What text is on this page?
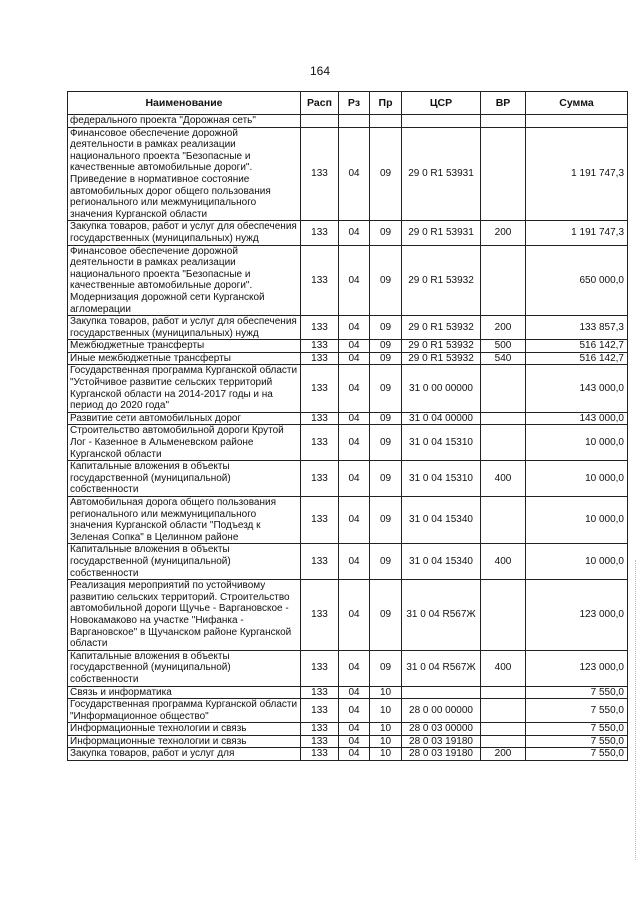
164
Наименование	Расп	Рз	Пр	ЦСР	ВР	Сумма
федерального проекта "Дорожная сеть"						
Финансовое обеспечение дорожной деятельности в рамках реализации национального проекта "Безопасные и качественные автомобильные дороги". Приведение в нормативное состояние автомобильных дорог общего пользования регионального или межмуниципального значения Курганской области	133	04	09	29 0 R1 53931		1 191 747,3
Закупка товаров, работ и услуг для обеспечения государственных (муниципальных) нужд	133	04	09	29 0 R1 53931	200	1 191 747,3
Финансовое обеспечение дорожной деятельности в рамках реализации национального проекта "Безопасные и качественные автомобильные дороги". Модернизация дорожной сети Курганской агломерации	133	04	09	29 0 R1 53932		650 000,0
Закупка товаров, работ и услуг для обеспечения государственных (муниципальных) нужд	133	04	09	29 0 R1 53932	200	133 857,3
Межбюджетные трансферты	133	04	09	29 0 R1 53932	500	516 142,7
Иные межбюджетные трансферты	133	04	09	29 0 R1 53932	540	516 142,7
Государственная программа Курганской области "Устойчивое развитие сельских территорий Курганской области на 2014-2017 годы и на период до 2020 года"	133	04	09	31 0 00 00000		143 000,0
Развитие сети автомобильных дорог	133	04	09	31 0 04 00000		143 000,0
Строительство автомобильной дороги Крутой Лог - Казенное в Альменевском районе Курганской области	133	04	09	31 0 04 15310		10 000,0
Капитальные вложения в объекты государственной (муниципальной) собственности	133	04	09	31 0 04 15310	400	10 000,0
Автомобильная дорога общего пользования регионального или межмуниципального значения Курганской области "Подъезд к Зеленая Сопка" в Целинном районе	133	04	09	31 0 04 15340		10 000,0
Капитальные вложения в объекты государственной (муниципальной) собственности	133	04	09	31 0 04 15340	400	10 000,0
Реализация мероприятий по устойчивому развитию сельских территорий. Строительство автомобильной дороги Щучье - Варгановское - Новокамаково на участке "Нифанка - Варгановское" в Щучанском районе Курганской области	133	04	09	31 0 04 R567Ж		123 000,0
Капитальные вложения в объекты государственной (муниципальной) собственности	133	04	09	31 0 04 R567Ж	400	123 000,0
Связь и информатика	133	04	10			7 550,0
Государственная программа Курганской области "Информационное общество"	133	04	10	28 0 00 00000		7 550,0
Информационные технологии и связь	133	04	10	28 0 03 00000		7 550,0
Информационные технологии и связь	133	04	10	28 0 03 19180		7 550,0
Закупка товаров, работ и услуг для	133	04	10	28 0 03 19180	200	7 550,0
